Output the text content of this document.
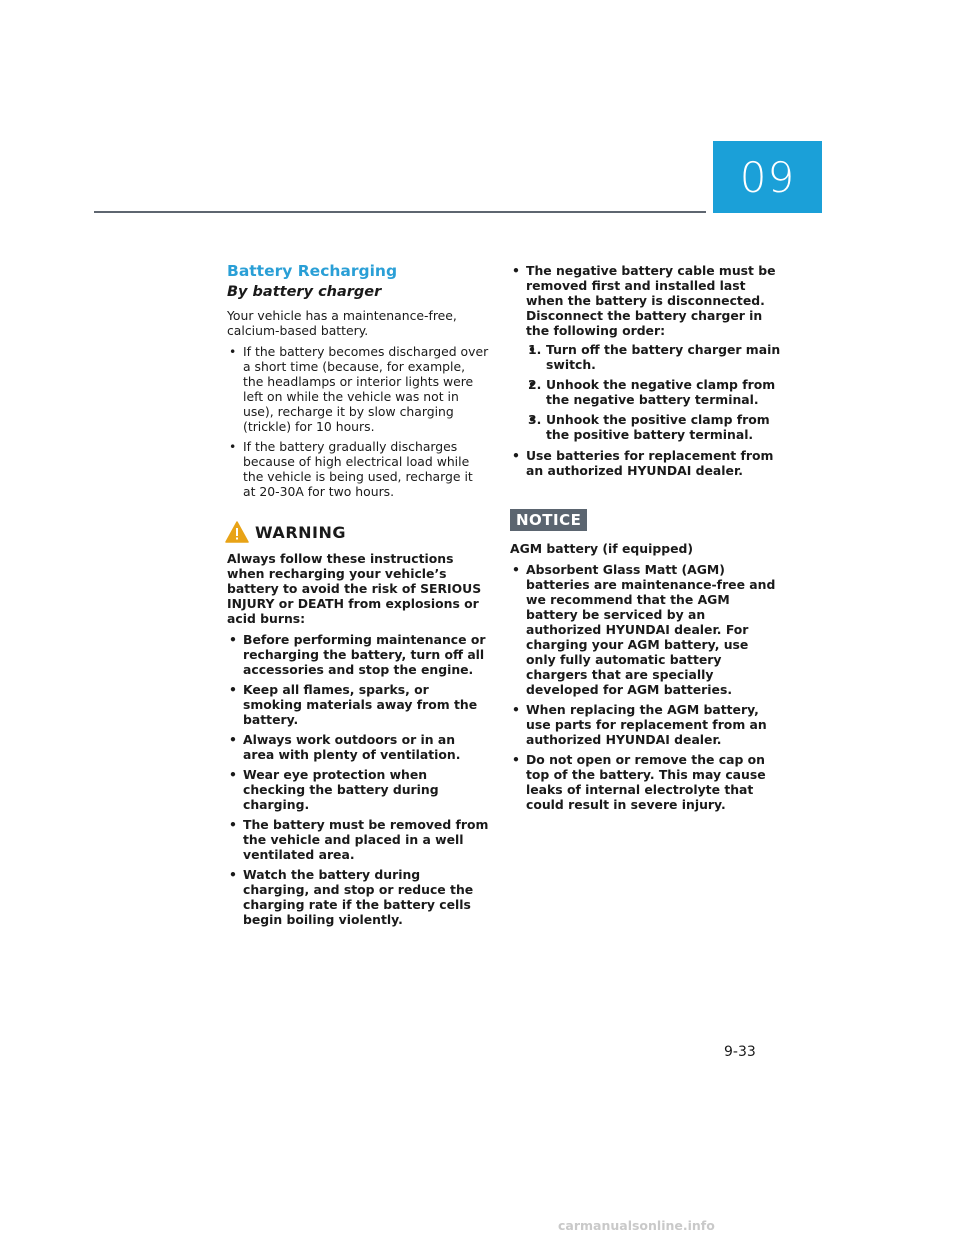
09
Battery Recharging
By battery charger

Your vehicle has a maintenance-free, calcium-based battery.

• If the battery becomes discharged over a short time (because, for example, the headlamps or interior lights were left on while the vehicle was not in use), recharge it by slow charging (trickle) for 10 hours.
• If the battery gradually discharges because of high electrical load while the vehicle is being used, recharge it at 20-30A for two hours.
WARNING

Always follow these instructions when recharging your vehicle’s battery to avoid the risk of SERIOUS INJURY or DEATH from explosions or acid burns:

• Before performing maintenance or recharging the battery, turn off all accessories and stop the engine.
• Keep all flames, sparks, or smoking materials away from the battery.
• Always work outdoors or in an area with plenty of ventilation.
• Wear eye protection when checking the battery during charging.
• The battery must be removed from the vehicle and placed in a well ventilated area.
• Watch the battery during charging, and stop or reduce the charging rate if the battery cells begin boiling violently.
• The negative battery cable must be removed first and installed last when the battery is disconnected. Disconnect the battery charger in the following order:
• 1. Turn off the battery charger main switch.
• 2. Unhook the negative clamp from the negative battery terminal.
• 3. Unhook the positive clamp from the positive battery terminal.
• Use batteries for replacement from an authorized HYUNDAI dealer.
NOTICE

AGM battery (if equipped)

• Absorbent Glass Matt (AGM) batteries are maintenance-free and we recommend that the AGM battery be serviced by an authorized HYUNDAI dealer. For charging your AGM battery, use only fully automatic battery chargers that are specially developed for AGM batteries.
• When replacing the AGM battery, use parts for replacement from an authorized HYUNDAI dealer.
• Do not open or remove the cap on top of the battery. This may cause leaks of internal electrolyte that could result in severe injury.
9-33
carmanualsonline.info
